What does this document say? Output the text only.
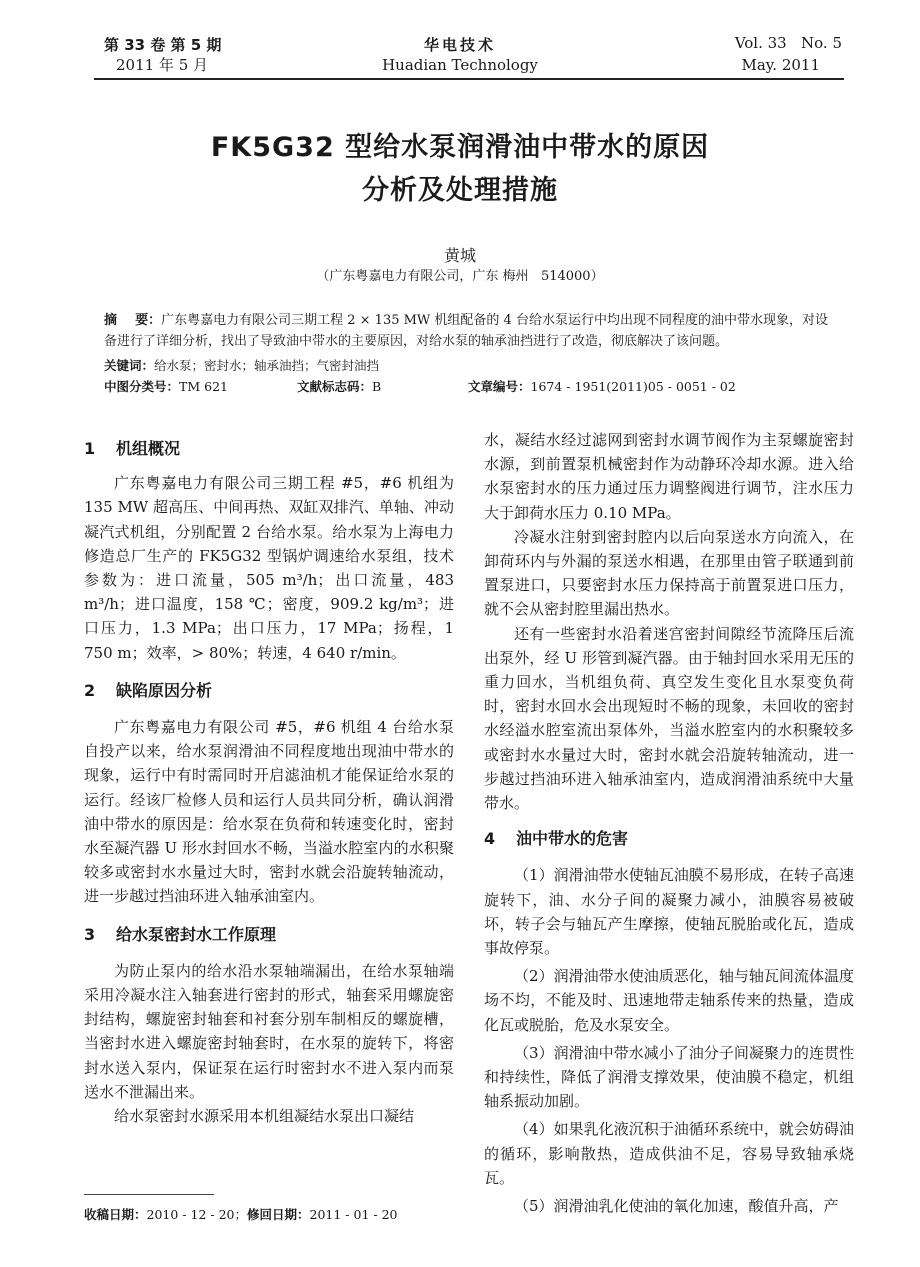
第 33 卷 第 5 期
2011 年 5 月
华电技术
Huadian Technology
Vol. 33   No. 5
May. 2011
FK5G32 型给水泵润滑油中带水的原因
分析及处理措施
黄城
（广东粤嘉电力有限公司，广东 梅州   514000）
摘    要：广东粤嘉电力有限公司三期工程 2 × 135 MW 机组配备的 4 台给水泵运行中均出现不同程度的油中带水现象，对设备进行了详细分析，找出了导致油中带水的主要原因，对给水泵的轴承油挡进行了改造，彻底解决了该问题。
关键词：给水泵；密封水；轴承油挡；气密封油挡
中图分类号：TM 621	文献标志码：B	文章编号：1674 - 1951(2011)05 - 0051 - 02
1 机组概况

广东粤嘉电力有限公司三期工程 #5，#6 机组为 135 MW 超高压、中间再热、双缸双排汽、单轴、冲动凝汽式机组，分别配置 2 台给水泵。给水泵为上海电力修造总厂生产的 FK5G32 型锅炉调速给水泵组，技术参数为：进口流量，505 m³/h；出口流量，483 m³/h；进口温度，158 ℃；密度，909.2 kg/m³；进口压力，1.3 MPa；出口压力，17 MPa；扬程，1 750 m；效率，> 80%；转速，4 640 r/min。

2 缺陷原因分析

广东粤嘉电力有限公司 #5，#6 机组 4 台给水泵自投产以来，给水泵润滑油不同程度地出现油中带水的现象，运行中有时需同时开启滤油机才能保证给水泵的运行。经该厂检修人员和运行人员共同分析，确认润滑油中带水的原因是：给水泵在负荷和转速变化时，密封水至凝汽器 U 形水封回水不畅，当溢水腔室内的水积聚较多或密封水水量过大时，密封水就会沿旋转轴流动，进一步越过挡油环进入轴承油室内。

3 给水泵密封水工作原理

为防止泵内的给水沿水泵轴端漏出，在给水泵轴端采用冷凝水注入轴套进行密封的形式，轴套采用螺旋密封结构，螺旋密封轴套和衬套分别车制相反的螺旋槽，当密封水进入螺旋密封轴套时，在水泵的旋转下，将密封水送入泵内，保证泵在运行时密封水不进入泵内而泵送水不泄漏出来。

给水泵密封水源采用本机组凝结水泵出口凝结

水，凝结水经过滤网到密封水调节阀作为主泵螺旋密封水源，到前置泵机械密封作为动静环冷却水源。进入给水泵密封水的压力通过压力调整阀进行调节，注水压力大于卸荷水压力 0.10 MPa。

冷凝水注射到密封腔内以后向泵送水方向流入，在卸荷环内与外漏的泵送水相遇，在那里由管子联通到前置泵进口，只要密封水压力保持高于前置泵进口压力，就不会从密封腔里漏出热水。

还有一些密封水沿着迷宫密封间隙经节流降压后流出泵外，经 U 形管到凝汽器。由于轴封回水采用无压的重力回水，当机组负荷、真空发生变化且水泵变负荷时，密封水回水会出现短时不畅的现象，未回收的密封水经溢水腔室流出泵体外，当溢水腔室内的水积聚较多或密封水水量过大时，密封水就会沿旋转轴流动，进一步越过挡油环进入轴承油室内，造成润滑油系统中大量带水。

4 油中带水的危害

（1）润滑油带水使轴瓦油膜不易形成，在转子高速旋转下，油、水分子间的凝聚力减小，油膜容易被破坏，转子会与轴瓦产生摩擦，使轴瓦脱胎或化瓦，造成事故停泵。

（2）润滑油带水使油质恶化，轴与轴瓦间流体温度场不均，不能及时、迅速地带走轴系传来的热量，造成化瓦或脱胎，危及水泵安全。

（3）润滑油中带水减小了油分子间凝聚力的连贯性和持续性，降低了润滑支撑效果，使油膜不稳定，机组轴系振动加剧。

（4）如果乳化液沉积于油循环系统中，就会妨碍油的循环，影响散热，造成供油不足，容易导致轴承烧瓦。

（5）润滑油乳化使油的氧化加速，酸值升高，产

收稿日期：2010 - 12 - 20；修回日期：2011 - 01 - 20
